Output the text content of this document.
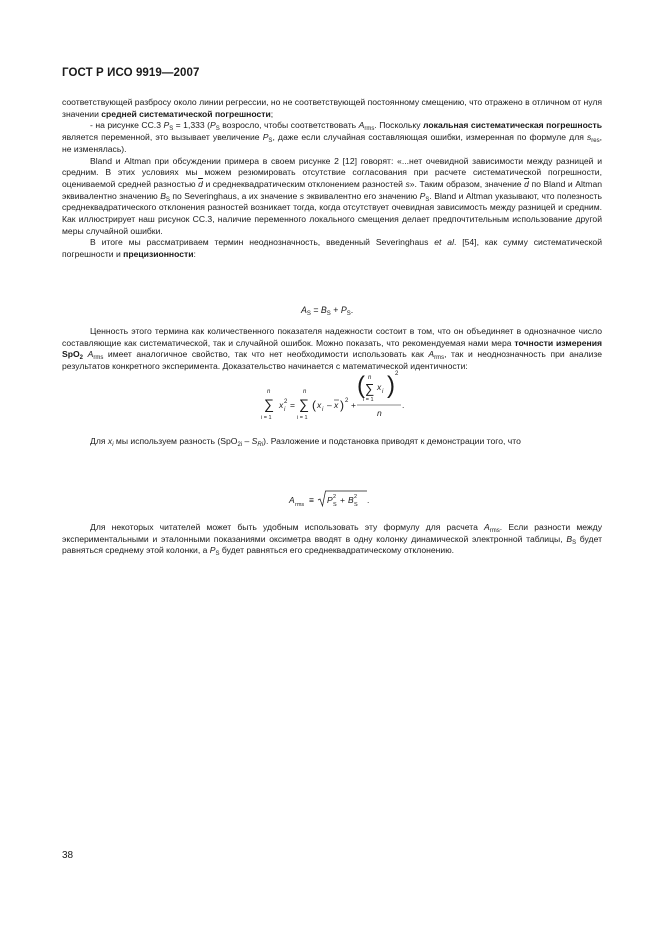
ГОСТ Р ИСО 9919—2007

соответствующей разбросу около линии регрессии, но не соответствующей постоянному смещению, что отражено в отличном от нуля значении средней систематической погрешности;

- на рисунке CC.3 $P_S = 1,333$ ($P_S$ возросло, чтобы соответствовать $A_{rms}$. Поскольку локальная систематическая погрешность является переменной, это вызывает увеличение $P_S$, даже если случайная составляющая ошибки, измеренная по формуле для $s_{res}$, не изменялась).

Bland и Altman при обсуждении примера в своем рисунке 2 [12] говорят: «...нет очевидной зависимости между разницей и средним. В этих условиях мы можем резюмировать отсутствие согласования при расчете систематической погрешности, оцениваемой средней разностью $\overline{d}$ и среднеквадратическим отклонением разностей s». Таким образом, значение $\overline{d}$ по Bland и Altman эквивалентно значению $B_S$ по Severinghaus, а их значение s эквивалентно его значению $P_S$. Bland и Altman указывают, что полезность среднеквадратического отклонения разностей возникает тогда, когда отсутствует очевидная зависимость между разницей и средним. Как иллюстрирует наш рисунок CC.3, наличие переменного локального смещения делает предпочтительным использование другой меры случайной ошибки.

В итоге мы рассматриваем термин неоднозначность, введенный Severinghaus et al. [54], как сумму систематической погрешности и прецизионности:

$A_S = B_S + P_S$.

Ценность этого термина как количественного показателя надежности состоит в том, что он объединяет в однозначное число составляющие как систематической, так и случайной ошибок. Можно показать, что рекомендуемая нами мера точности измерения SpO$_2$ $A_{rms}$ имеет аналогичное свойство, так что нет необходимости использовать как $A_{rms}$, так и неоднозначность при анализе результатов конкретного эксперимента. Доказательство начинается с математической идентичности:

n
∑
i = 1
x 2
i =
n
∑
i = 1
( x i – x ) 2 +
( n
∑
i = 1
x i ) 2
n
.

Для $x_i$ мы используем разность $(SpO_{2i} - S_{Ri})$. Разложение и подстановка приводят к демонстрации того, что

A rms ≡ P 2
S + B 2
S .

Для некоторых читателей может быть удобным использовать эту формулу для расчета $A_{rms}$. Если разности между экспериментальными и эталонными показаниями оксиметра вводят в одну колонку динамической электронной таблицы, $B_S$ будет равняться среднему этой колонки, а $P_S$ будет равняться его среднеквадратическому отклонению.

38
